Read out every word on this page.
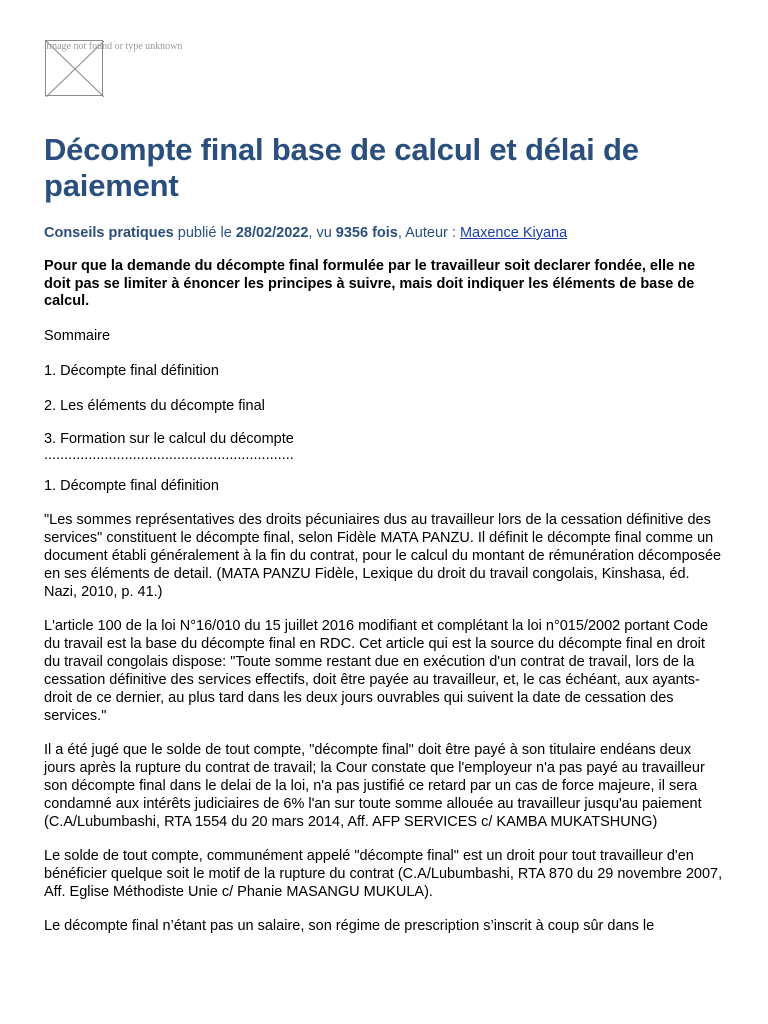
Image not found or type unknown
Décompte final base de calcul et délai de paiement
Conseils pratiques publié le 28/02/2022, vu 9356 fois, Auteur : Maxence Kiyana
Pour que la demande du décompte final formulée par le travailleur soit declarer fondée, elle ne doit pas se limiter à énoncer les principes à suivre, mais doit indiquer les éléments de base de calcul.
Sommaire
1. Décompte final définition
2. Les éléments du décompte final
3. Formation sur le calcul du décompte
..............................................................
1. Décompte final définition
"Les sommes représentatives des droits pécuniaires dus au travailleur lors de la cessation définitive des services" constituent le décompte final, selon Fidèle MATA PANZU. Il définit le décompte final comme un document établi généralement à la fin du contrat, pour le calcul du montant de rémunération décomposée en ses éléments de detail. (MATA PANZU Fidèle, Lexique du droit du travail congolais, Kinshasa, éd. Nazi, 2010, p. 41.)
L'article 100 de la loi N°16/010 du 15 juillet 2016 modifiant et complétant la loi n°015/2002 portant Code du travail est la base du décompte final en RDC. Cet article qui est la source du décompte final en droit du travail congolais dispose: "Toute somme restant due en exécution d'un contrat de travail, lors de la cessation définitive des services effectifs, doit être payée au travailleur, et, le cas échéant, aux ayants-droit de ce dernier, au plus tard dans les deux jours ouvrables qui suivent la date de cessation des services."
Il a été jugé que le solde de tout compte, "décompte final" doit être payé à son titulaire endéans deux jours après la rupture du contrat de travail; la Cour constate que l'employeur n'a pas payé au travailleur son décompte final dans le delai de la loi, n'a pas justifié ce retard par un cas de force majeure, il sera condamné aux intérêts judiciaires de 6% l'an sur toute somme allouée au travailleur jusqu'au paiement (C.A/Lubumbashi, RTA 1554 du 20 mars 2014, Aff. AFP SERVICES c/ KAMBA MUKATSHUNG)
Le solde de tout compte, communément appelé "décompte final" est un droit pour tout travailleur d'en bénéficier quelque soit le motif de la rupture du contrat (C.A/Lubumbashi, RTA 870 du 29 novembre 2007, Aff. Eglise Méthodiste Unie c/ Phanie MASANGU MUKULA).
Le décompte final n’étant pas un salaire, son régime de prescription s’inscrit à coup sûr dans le
